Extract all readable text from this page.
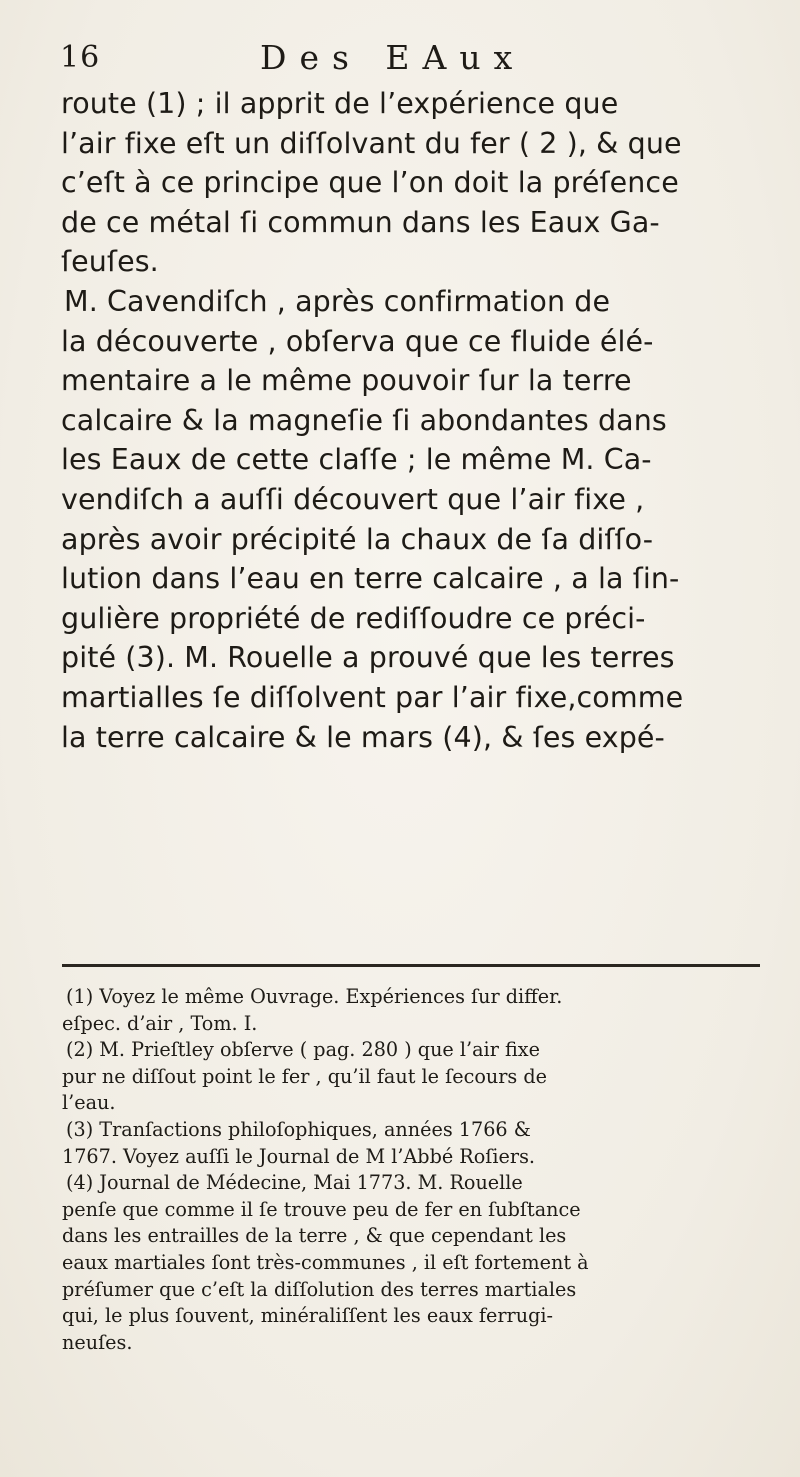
16	Des EAux
route (1) ; il apprit de l’expérience que
l’air fixe eſt un diſſolvant du fer ( 2 ), & que
c’eſt à ce principe que l’on doit la préſence
de ce métal ſi commun dans les Eaux Ga-
ſeuſes.
M. Cavendiſch , après confirmation de
la découverte , obſerva que ce fluide élé-
mentaire a le même pouvoir ſur la terre
calcaire & la magneſie ſi abondantes dans
les Eaux de cette claſſe ; le même M. Ca-
vendiſch a auſſi découvert que l’air fixe ,
après avoir précipité la chaux de ſa diſſo-
lution dans l’eau en terre calcaire , a la ſin-
gulière propriété de rediſſoudre ce préci-
pité (3). M. Rouelle a prouvé que les terres
martialles ſe diſſolvent par l’air fixe,comme
la terre calcaire & le mars (4), & ſes expé-
(1) Voyez le même Ouvrage. Expériences ſur differ.
eſpec. d’air , Tom. I.
(2) M. Prieſtley obſerve ( pag. 280 ) que l’air fixe
pur ne diſſout point le fer , qu’il faut le ſecours de
l’eau.
(3) Tranſactions philoſophiques, années 1766 &
1767. Voyez auſſi le Journal de M l’Abbé Roſiers.
(4) Journal de Médecine, Mai 1773. M. Rouelle
penſe que comme il ſe trouve peu de fer en ſubſtance
dans les entrailles de la terre , & que cependant les
eaux martiales ſont très-communes , il eſt fortement à
préſumer que c’eſt la diſſolution des terres martiales
qui, le plus ſouvent, minéraliſſent les eaux ferrugi-
neuſes.
